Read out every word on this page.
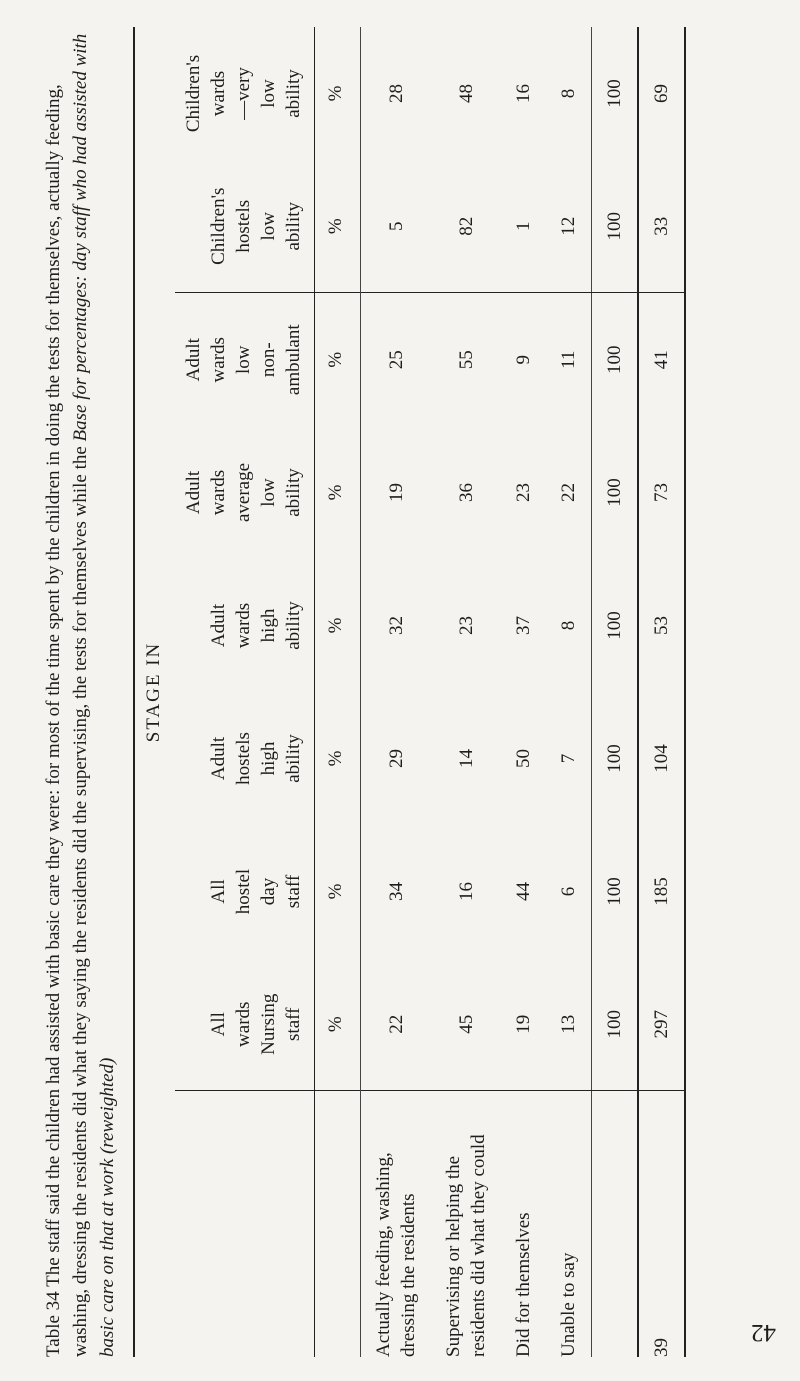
42

Table 34 The staff said the children had assisted with basic care they were: for most of the time spent by the children in doing the tests for themselves, actually feeding, washing, dressing the residents did what they saying the residents did the supervising, the tests for themselves while the Base for percentages: day staff who had assisted with basic care on that at work (reweighted)

STAGE IN
	All wards Nursing staff	All hostel day staff	Adult hostels high ability	Adult wards high ability	Adult wards average low ability	Adult wards low non- ambulant	Children's hostels low ability	Children's wards —very low ability
	%	%	%	%	%	%	%	%
Actually feeding, washing, dressing the residents	22	34	29	32	19	25	5	28
Supervising or helping the residents did what they could	45	16	14	23	36	55	82	48
Did for themselves	19	44	50	37	23	9	1	16
Unable to say	13	6	7	8	22	11	12	8
	100	100	100	100	100	100	100	100
39	297	185	104	53	73	41	33	69
